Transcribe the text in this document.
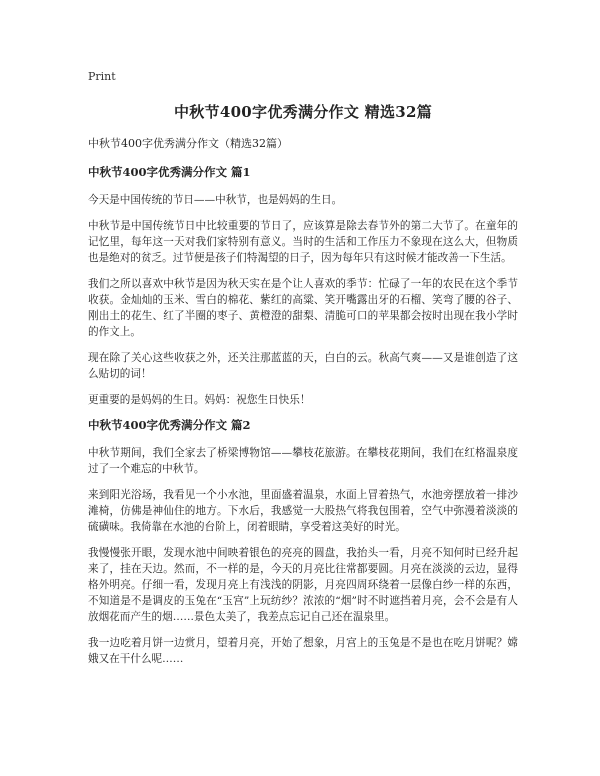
Print
中秋节400字优秀满分作文 精选32篇
中秋节400字优秀满分作文（精选32篇）
中秋节400字优秀满分作文 篇1

今天是中国传统的节日——中秋节，也是妈妈的生日。

中秋节是中国传统节日中比较重要的节日了，应该算是除去春节外的第二大节了。在童年的记忆里，每年这一天对我们家特别有意义。当时的生活和工作压力不象现在这么大，但物质也是绝对的贫乏。过节便是孩子们特渴望的日子，因为每年只有这时候才能改善一下生活。

我们之所以喜欢中秋节是因为秋天实在是个让人喜欢的季节：忙碌了一年的农民在这个季节收获。金灿灿的玉米、雪白的棉花、紫红的高粱、笑开嘴露出牙的石榴、笑弯了腰的谷子、刚出土的花生、红了半圈的枣子、黄橙澄的甜梨、清脆可口的苹果都会按时出现在我小学时的作文上。

现在除了关心这些收获之外，还关注那蓝蓝的天，白白的云。秋高气爽——又是谁创造了这么贴切的词！

更重要的是妈妈的生日。妈妈：祝您生日快乐！

中秋节400字优秀满分作文 篇2

中秋节期间，我们全家去了桥梁博物馆——攀枝花旅游。在攀枝花期间，我们在红格温泉度过了一个难忘的中秋节。

来到阳光浴场，我看见一个小水池，里面盛着温泉，水面上冒着热气，水池旁摆放着一排沙滩椅，仿佛是神仙住的地方。下水后，我感觉一大股热气将我包围着，空气中弥漫着淡淡的硫磺味。我倚靠在水池的台阶上，闭着眼睛，享受着这美好的时光。

我慢慢张开眼，发现水池中间映着银色的亮亮的圆盘，我抬头一看，月亮不知何时已经升起来了，挂在天边。然而，不一样的是，今天的月亮比往常都要圆。月亮在淡淡的云边，显得格外明亮。仔细一看，发现月亮上有浅浅的阴影，月亮四周环绕着一层像白纱一样的东西，不知道是不是调皮的玉兔在“玉宫”上玩纺纱？浓浓的“烟”时不时遮挡着月亮，会不会是有人放烟花而产生的烟……景色太美了，我差点忘记自己还在温泉里。

我一边吃着月饼一边赏月，望着月亮，开始了想象，月宫上的玉兔是不是也在吃月饼呢？嫦娥又在干什么呢……
